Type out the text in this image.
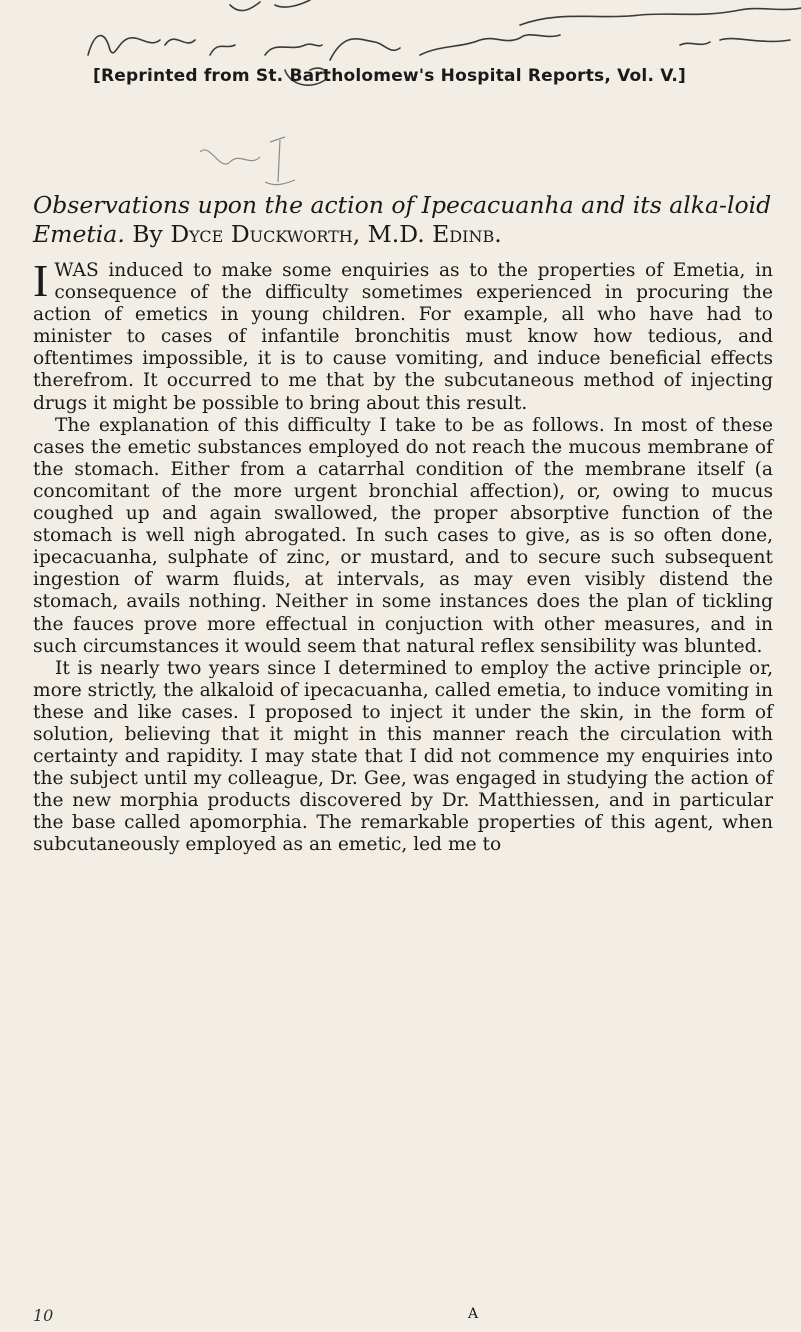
[Reprinted from St. Bartholomew's Hospital Reports, Vol. V.]
Observations upon the action of Ipecacuanha and its alka-loid Emetia. By Dyce Duckworth, M.D. Edinb.

IWAS induced to make some enquiries as to the properties of Emetia, in consequence of the difficulty sometimes experienced in procuring the action of emetics in young children. For example, all who have had to minister to cases of infantile bronchitis must know how tedious, and oftentimes impossible, it is to cause vomiting, and induce beneficial effects therefrom. It occurred to me that by the subcutaneous method of injecting drugs it might be possible to bring about this result.

The explanation of this difficulty I take to be as follows. In most of these cases the emetic substances employed do not reach the mucous membrane of the stomach. Either from a catarrhal condition of the membrane itself (a concomitant of the more urgent bronchial affection), or, owing to mucus coughed up and again swallowed, the proper absorptive function of the stomach is well nigh abrogated. In such cases to give, as is so often done, ipecacuanha, sulphate of zinc, or mustard, and to secure such subsequent ingestion of warm fluids, at intervals, as may even visibly distend the stomach, avails nothing. Neither in some instances does the plan of tickling the fauces prove more effectual in conjuction with other measures, and in such circumstances it would seem that natural reflex sensibility was blunted.

It is nearly two years since I determined to employ the active principle or, more strictly, the alkaloid of ipecacuanha, called emetia, to induce vomiting in these and like cases. I proposed to inject it under the skin, in the form of solution, believing that it might in this manner reach the circulation with certainty and rapidity. I may state that I did not commence my enquiries into the subject until my colleague, Dr. Gee, was engaged in studying the action of the new morphia products discovered by Dr. Matthiessen, and in particular the base called apomorphia. The remarkable properties of this agent, when subcutaneously employed as an emetic, led me to

10	A
